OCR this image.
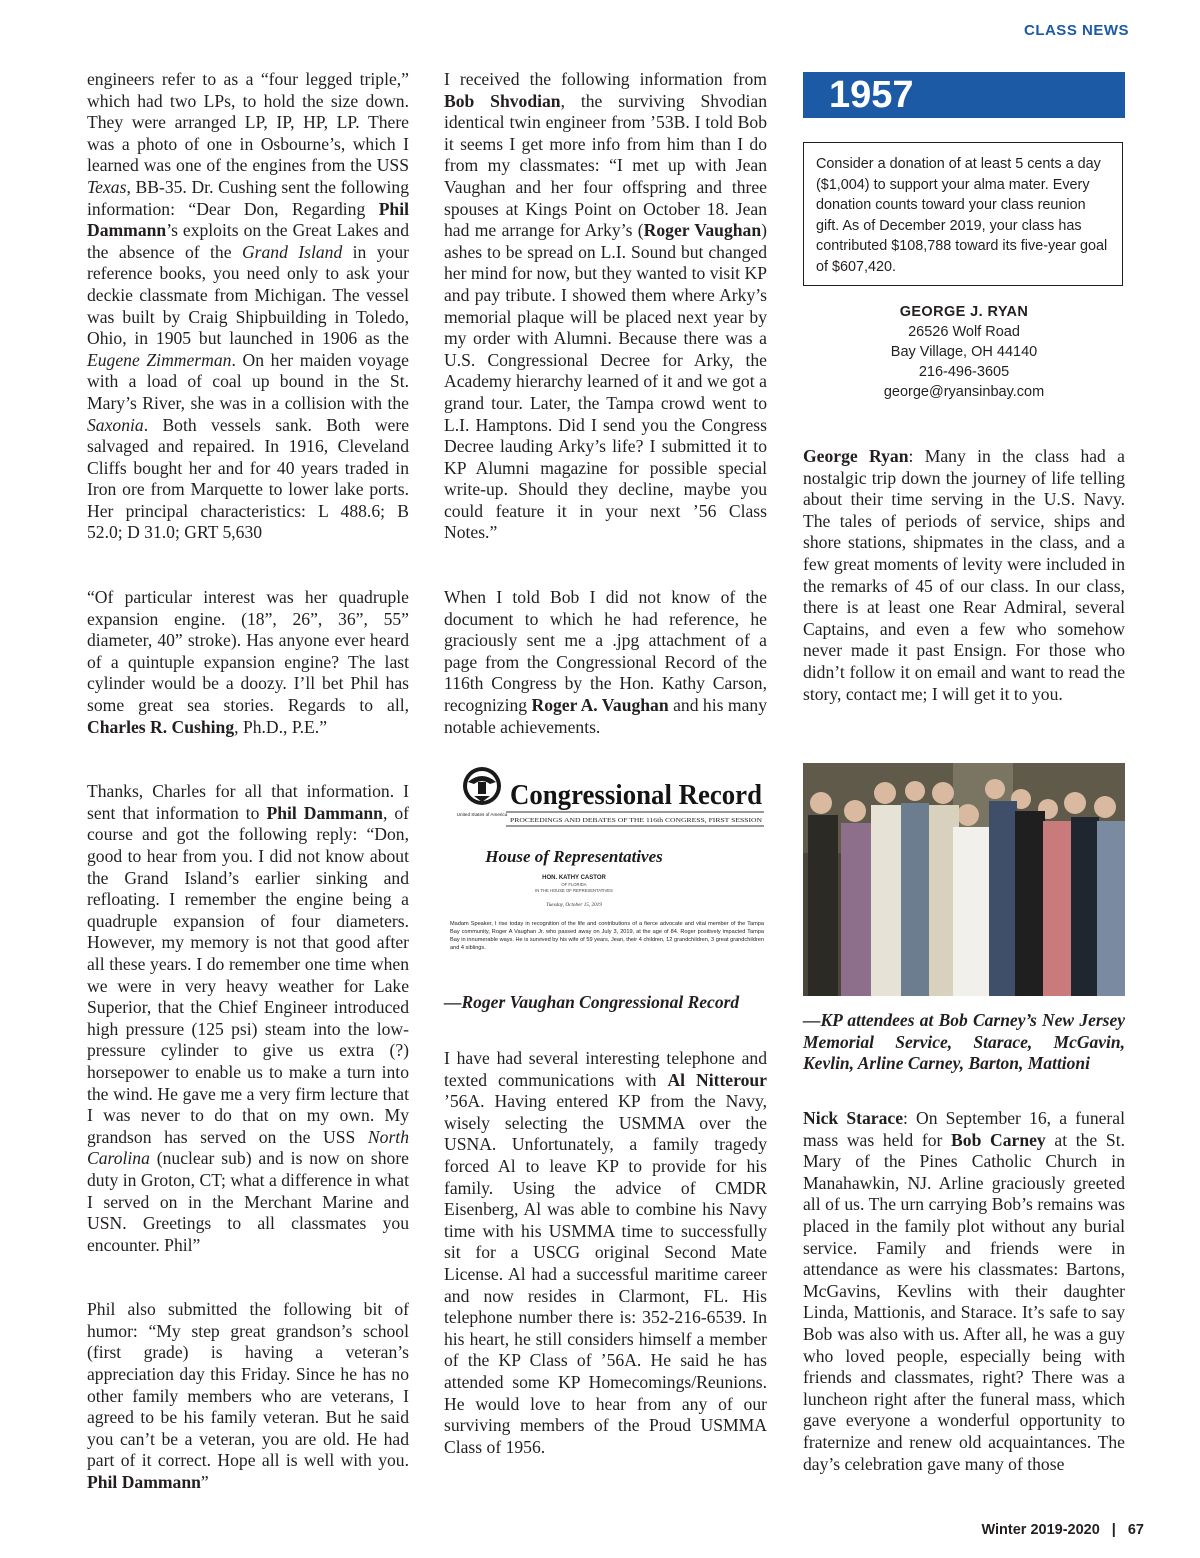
CLASS NEWS

engineers refer to as a “four legged triple,” which had two LPs, to hold the size down. They were arranged LP, IP, HP, LP. There was a photo of one in Osbourne’s, which I learned was one of the engines from the USS Texas, BB-35. Dr. Cushing sent the following information: “Dear Don, Regarding Phil Dammann’s exploits on the Great Lakes and the absence of the Grand Island in your reference books, you need only to ask your deckie classmate from Michigan. The vessel was built by Craig Shipbuilding in Toledo, Ohio, in 1905 but launched in 1906 as the Eugene Zimmerman. On her maiden voyage with a load of coal up bound in the St. Mary’s River, she was in a collision with the Saxonia. Both vessels sank. Both were salvaged and repaired. In 1916, Cleveland Cliffs bought her and for 40 years traded in Iron ore from Marquette to lower lake ports. Her principal characteristics: L 488.6; B 52.0; D 31.0; GRT 5,630

“Of particular interest was her quadruple expansion engine. (18”, 26”, 36”, 55” diameter, 40” stroke). Has anyone ever heard of a quintuple expansion engine? The last cylinder would be a doozy. I’ll bet Phil has some great sea stories. Regards to all, Charles R. Cushing, Ph.D., P.E.”

Thanks, Charles for all that information. I sent that information to Phil Dammann, of course and got the following reply: “Don, good to hear from you. I did not know about the Grand Island’s earlier sinking and refloating. I remember the engine being a quadruple expansion of four diameters. However, my memory is not that good after all these years. I do remember one time when we were in very heavy weather for Lake Superior, that the Chief Engineer introduced high pressure (125 psi) steam into the low-pressure cylinder to give us extra (?) horsepower to enable us to make a turn into the wind. He gave me a very firm lecture that I was never to do that on my own. My grandson has served on the USS North Carolina (nuclear sub) and is now on shore duty in Groton, CT; what a difference in what I served on in the Merchant Marine and USN. Greetings to all classmates you encounter. Phil”

Phil also submitted the following bit of humor: “My step great grandson’s school (first grade) is having a veteran’s appreciation day this Friday. Since he has no other family members who are veterans, I agreed to be his family veteran. But he said you can’t be a veteran, you are old. He had part of it correct. Hope all is well with you. Phil Dammann”

I received the following information from Bob Shvodian, the surviving Shvodian identical twin engineer from ’53B. I told Bob it seems I get more info from him than I do from my classmates: “I met up with Jean Vaughan and her four offspring and three spouses at Kings Point on October 18. Jean had me arrange for Arky’s (Roger Vaughan) ashes to be spread on L.I. Sound but changed her mind for now, but they wanted to visit KP and pay tribute. I showed them where Arky’s memorial plaque will be placed next year by my order with Alumni. Because there was a U.S. Congressional Decree for Arky, the Academy hierarchy learned of it and we got a grand tour. Later, the Tampa crowd went to L.I. Hamptons. Did I send you the Congress Decree lauding Arky’s life? I submitted it to KP Alumni magazine for possible special write-up. Should they decline, maybe you could feature it in your next ’56 Class Notes.”

When I told Bob I did not know of the document to which he had reference, he graciously sent me a .jpg attachment of a page from the Congressional Record of the 116th Congress by the Hon. Kathy Carson, recognizing Roger A. Vaughan and his many notable achievements.

United States of America
Congressional Record
PROCEEDINGS AND DEBATES OF THE 116th CONGRESS, FIRST SESSION
House of Representatives
HON. KATHY CASTOR
OF FLORIDA
IN THE HOUSE OF REPRESENTATIVES
Tuesday, October 15, 2019
Madam Speaker, I rise today in recognition of the life and contributions of a fierce advocate and vital member of the Tampa Bay community, Roger A Vaughan Jr. who passed away on July 3, 2019, at the age of 84. Roger positively impacted Tampa Bay in innumerable ways. He is survived by his wife of 59 years, Jean, their 4 children, 12 grandchildren, 3 great grandchildren and 4 siblings.
—Roger Vaughan Congressional Record

I have had several interesting telephone and texted communications with Al Nitterour ’56A. Having entered KP from the Navy, wisely selecting the USMMA over the USNA. Unfortunately, a family tragedy forced Al to leave KP to provide for his family. Using the advice of CMDR Eisenberg, Al was able to combine his Navy time with his USMMA time to successfully sit for a USCG original Second Mate License. Al had a successful maritime career and now resides in Clarmont, FL. His telephone number there is: 352-216-6539. In his heart, he still considers himself a member of the KP Class of ’56A. He said he has attended some KP Homecomings/Reunions. He would love to hear from any of our surviving members of the Proud USMMA Class of 1956.

1957
Consider a donation of at least 5 cents a day ($1,004) to support your alma mater. Every donation counts toward your class reunion gift. As of December 2019, your class has contributed $108,788 toward its five-year goal of $607,420.
GEORGE J. RYAN
26526 Wolf Road
Bay Village, OH 44140
216-496-3605
george@ryansinbay.com

George Ryan: Many in the class had a nostalgic trip down the journey of life telling about their time serving in the U.S. Navy. The tales of periods of service, ships and shore stations, shipmates in the class, and a few great moments of levity were included in the remarks of 45 of our class. In our class, there is at least one Rear Admiral, several Captains, and even a few who somehow never made it past Ensign. For those who didn’t follow it on email and want to read the story, contact me; I will get it to you.

—KP attendees at Bob Carney’s New Jersey Memorial Service, Starace, McGavin, Kevlin, Arline Carney, Barton, Mattioni

Nick Starace: On September 16, a funeral mass was held for Bob Carney at the St. Mary of the Pines Catholic Church in Manahawkin, NJ. Arline graciously greeted all of us. The urn carrying Bob’s remains was placed in the family plot without any burial service. Family and friends were in attendance as were his classmates: Bartons, McGavins, Kevlins with their daughter Linda, Mattionis, and Starace. It’s safe to say Bob was also with us. After all, he was a guy who loved people, especially being with friends and classmates, right? There was a luncheon right after the funeral mass, which gave everyone a wonderful opportunity to fraternize and renew old acquaintances. The day’s celebration gave many of those

Winter 2019-2020 | 67
